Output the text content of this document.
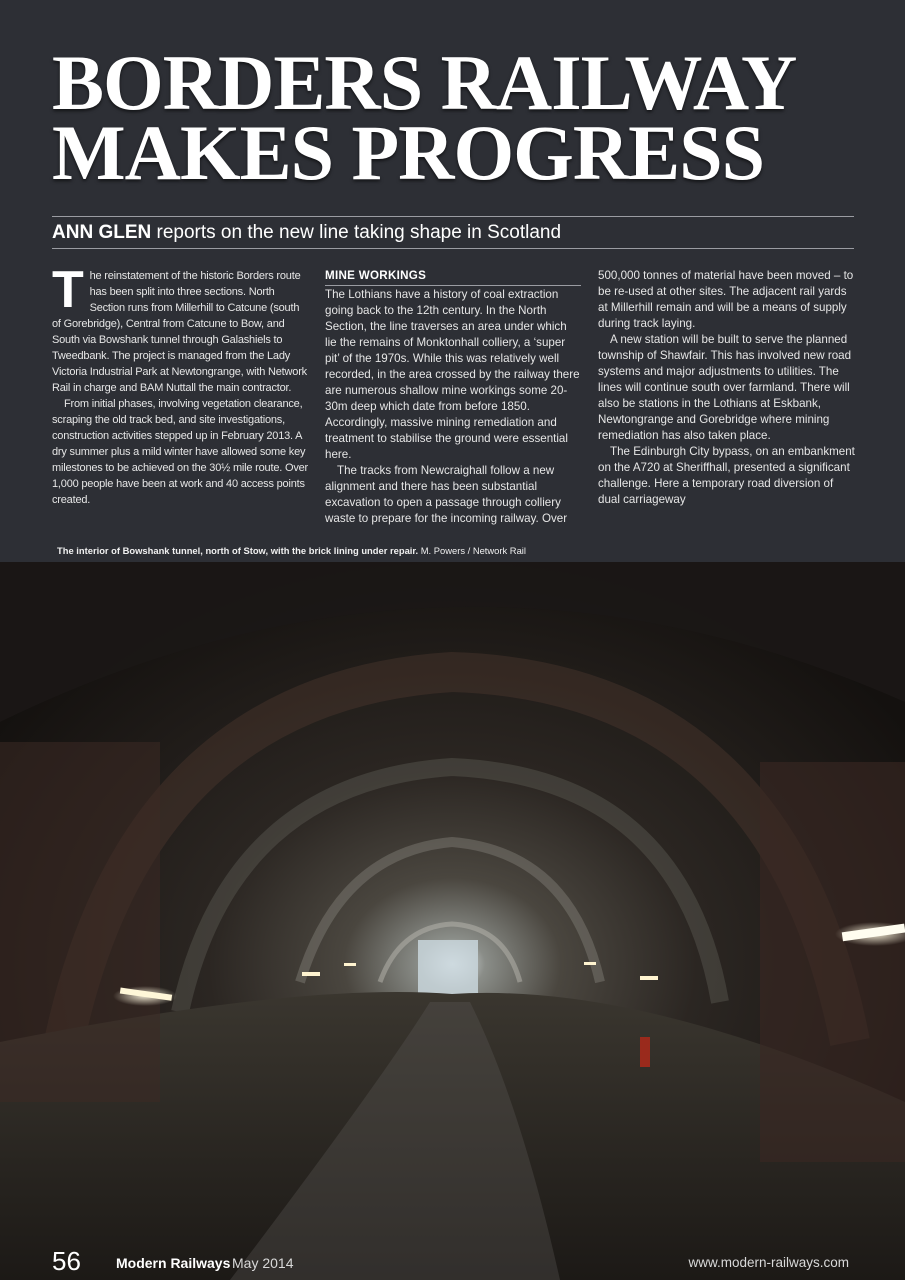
BORDERS RAILWAY
MAKES PROGRESS
ANN GLEN reports on the new line taking shape in Scotland

The reinstatement of the historic Borders route has been split into three sections. North Section runs from Millerhill to Catcune (south of Gorebridge), Central from Catcune to Bow, and South via Bowshank tunnel through Galashiels to Tweedbank. The project is managed from the Lady Victoria Industrial Park at Newtongrange, with Network Rail in charge and BAM Nuttall the main contractor.

From initial phases, involving vegetation clearance, scraping the old track bed, and site investigations, construction activities stepped up in February 2013. A dry summer plus a mild winter have allowed some key milestones to be achieved on the 30½ mile route. Over 1,000 people have been at work and 40 access points created.

MINE WORKINGS

The Lothians have a history of coal extraction going back to the 12th century. In the North Section, the line traverses an area under which lie the remains of Monktonhall colliery, a ‘super pit’ of the 1970s. While this was relatively well recorded, in the area crossed by the railway there are numerous shallow mine workings some 20-30m deep which date from before 1850. Accordingly, massive mining remediation and treatment to stabilise the ground were essential here.

The tracks from Newcraighall follow a new alignment and there has been substantial excavation to open a passage through colliery waste to prepare for the incoming railway. Over

500,000 tonnes of material have been moved – to be re-used at other sites. The adjacent rail yards at Millerhill remain and will be a means of supply during track laying.

A new station will be built to serve the planned township of Shawfair. This has involved new road systems and major adjustments to utilities. The lines will continue south over farmland. There will also be stations in the Lothians at Eskbank, Newtongrange and Gorebridge where mining remediation has also taken place.

The Edinburgh City bypass, on an embankment on the A720 at Sheriffhall, presented a significant challenge. Here a temporary road diversion of dual carriageway

The interior of Bowshank tunnel, north of Stow, with the brick lining under repair. M. Powers / Network Rail
56	Modern Railways May 2014	www.modern-railways.com
